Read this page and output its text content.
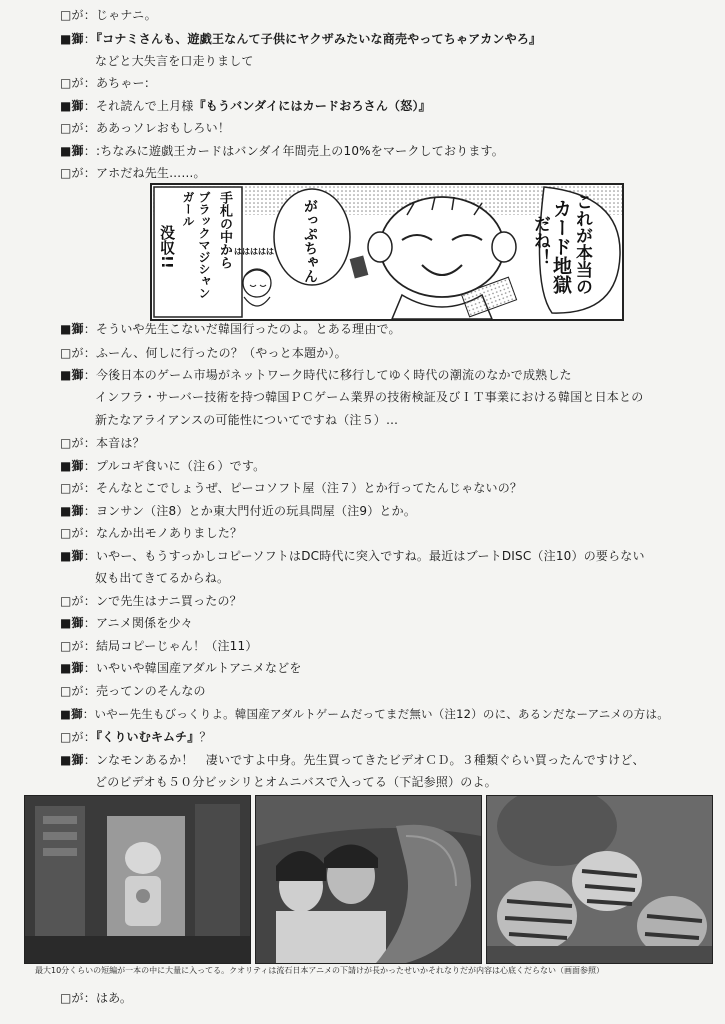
□が：じゃナニ。
■獅：『コナミさんも、遊戯王なんて子供にヤクザみたいな商売やってちゃアカンやろ』
などと大失言を口走りまして
□が：あちゃー:
■獅：それ読んで上月様『もうバンダイにはカードおろさん（怒）』
□が：ああっソレおもしろい！
■獅：:ちなみに遊戯王カードはバンダイ年間売上の10%をマークしております。
□が：アホだね先生……。
これが本当の
カード地獄
だね！
がっぷちゃん
手札の中から
ブラックマジシャン
ガール
没収!!	ははははは
■獅：そういや先生こないだ韓国行ったのよ。とある理由で。
□が：ふーん、何しに行ったの？（やっと本題か）。
■獅：今後日本のゲーム市場がネットワーク時代に移行してゆく時代の潮流のなかで成熟した
インフラ・サーバー技術を持つ韓国ＰＣゲーム業界の技術検証及びＩＴ事業における韓国と日本との
新たなアライアンスの可能性についてですね（注５）…
□が：本音は？
■獅：プルコギ食いに（注６）です。
□が：そんなとこでしょうぜ、ピーコソフト屋（注７）とか行ってたんじゃないの？
■獅：ヨンサン（注8）とか東大門付近の玩具問屋（注9）とか。
□が：なんか出モノありました？
■獅：いやー、もうすっかしコピーソフトはDC時代に突入ですね。最近はブートDISC（注10）の要らない
奴も出てきてるからね。
□が：ンで先生はナニ買ったの？
■獅：アニメ関係を少々
□が：結局コピーじゃん！（注11）
■獅：いやいや韓国産アダルトアニメなどを
□が：売ってンのそんなの
■獅：いやー先生もびっくりよ。韓国産アダルトゲームだってまだ無い（注12）のに、あるンだなーアニメの方は。
□が：『くりいむキムチ』？
■獅：ンなモンあるか！　凄いですよ中身。先生買ってきたビデオＣＤ。３種類ぐらい買ったんですけど、
どのビデオも５０分ビッシリとオムニバスで入ってる（下記参照）のよ。
最大10分くらいの短編が一本の中に大量に入ってる。クオリティは流石日本アニメの下請けが長かったせいかそれなりだが内容は心底くだらない（画面参照）
□が：はあ。
